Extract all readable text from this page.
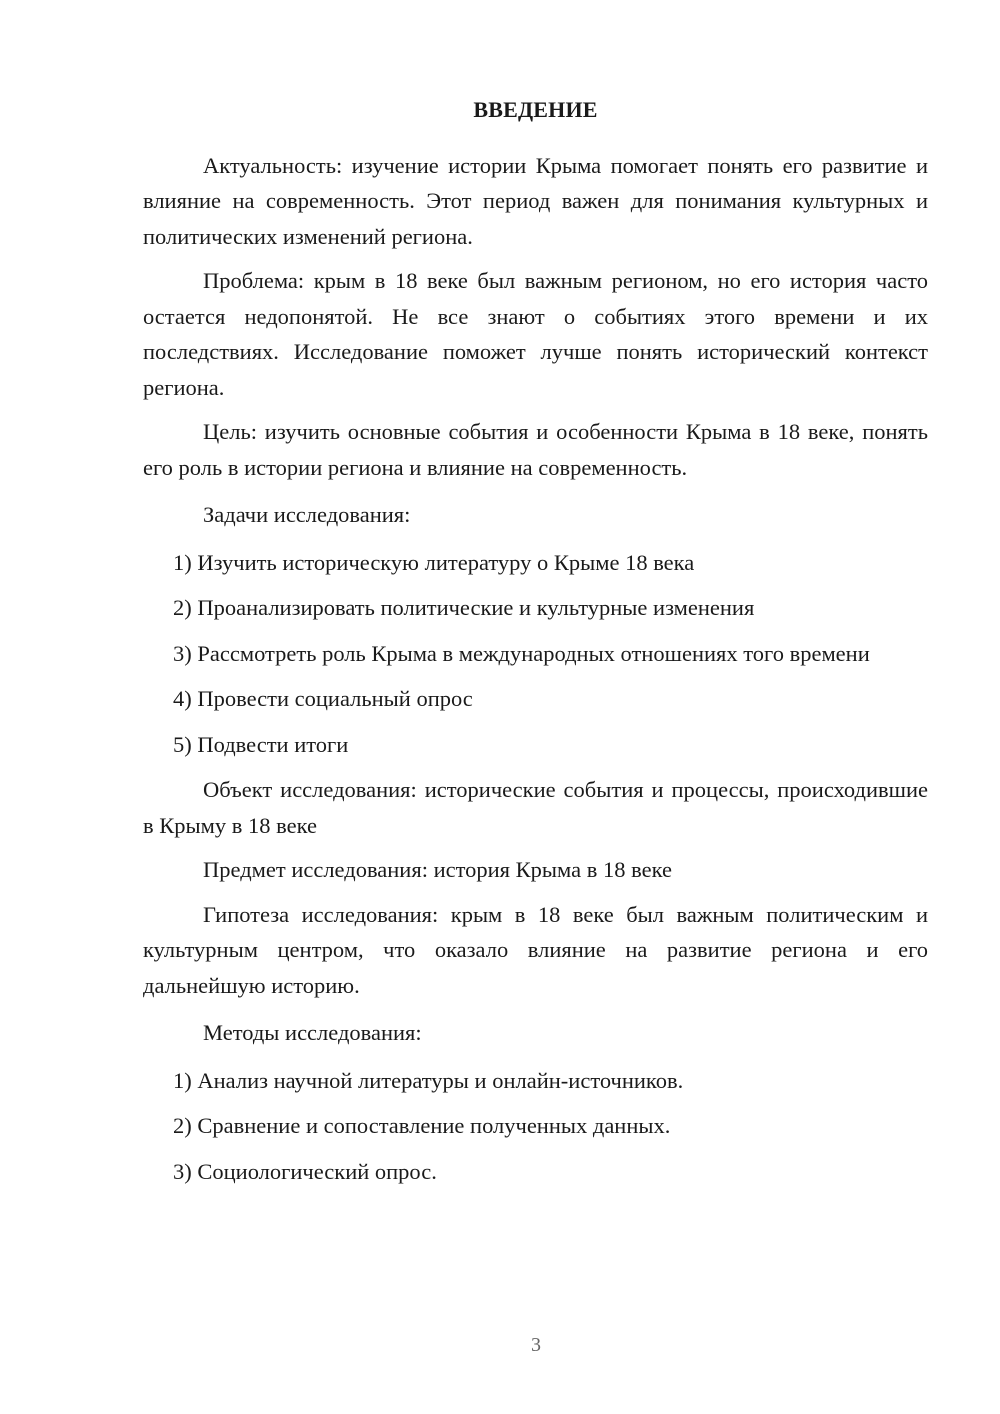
ВВЕДЕНИЕ

Актуальность: изучение истории Крыма помогает понять его развитие и влияние на современность. Этот период важен для понимания культурных и политических изменений региона.

Проблема: крым в 18 веке был важным регионом, но его история часто остается недопонятой. Не все знают о событиях этого времени и их последствиях. Исследование поможет лучше понять исторический контекст региона.

Цель: изучить основные события и особенности Крыма в 18 веке, понять его роль в истории региона и влияние на современность.

Задачи исследования:

1) Изучить историческую литературу о Крыме 18 века

2) Проанализировать политические и культурные изменения

3) Рассмотреть роль Крыма в международных отношениях того времени

4) Провести социальный опрос

5) Подвести итоги

Объект исследования: исторические события и процессы, происходившие в Крыму в 18 веке

Предмет исследования: история Крыма в 18 веке

Гипотеза исследования: крым в 18 веке был важным политическим и культурным центром, что оказало влияние на развитие региона и его дальнейшую историю.

Методы исследования:

1) Анализ научной литературы и онлайн-источников.

2) Сравнение и сопоставление полученных данных.

3) Социологический опрос.

3
